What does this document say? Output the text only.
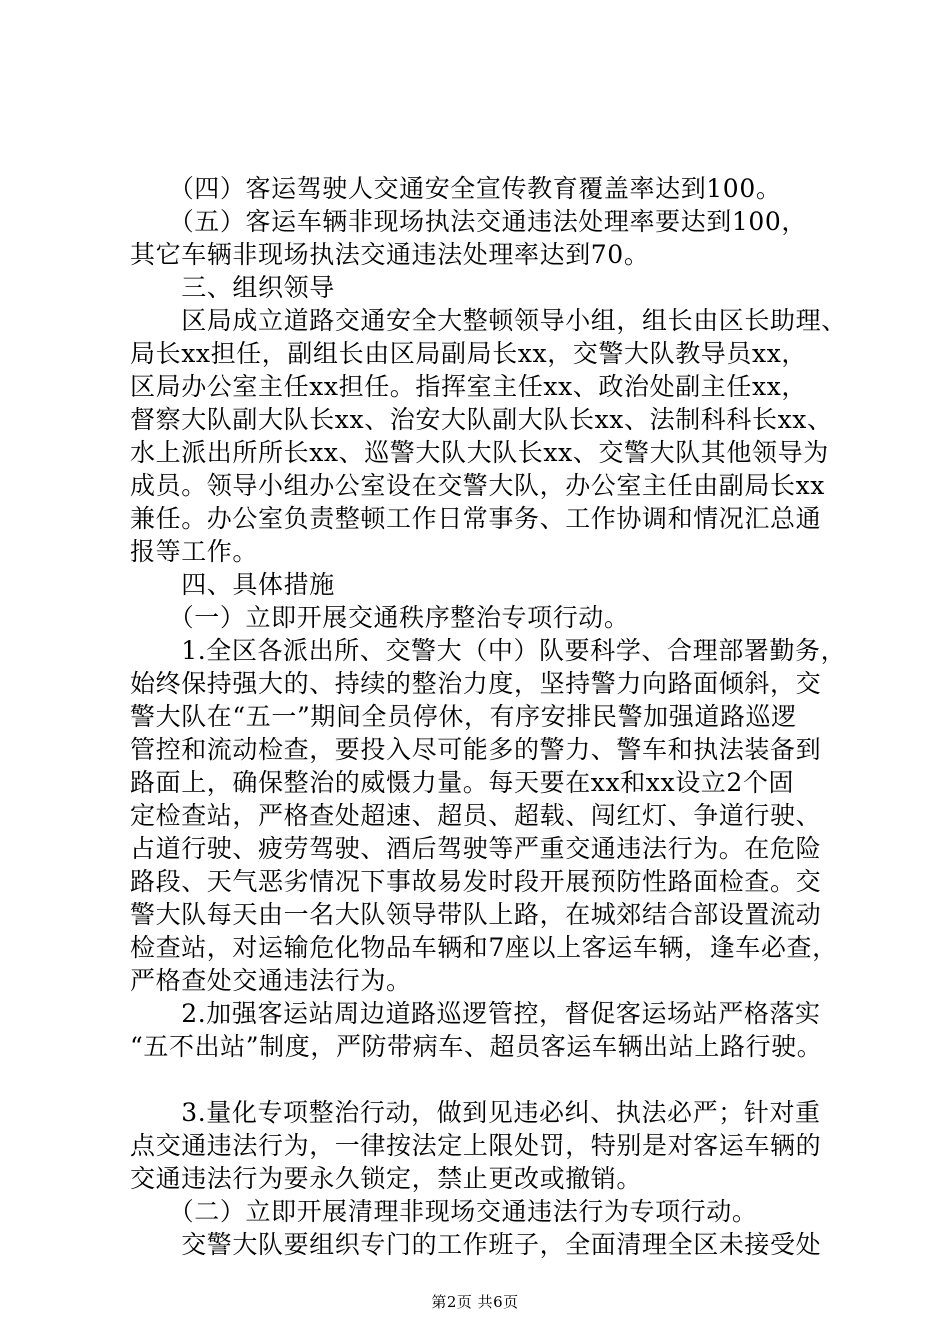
　　（四）客运驾驶人交通安全宣传教育覆盖率达到100。
　　（五）客运车辆非现场执法交通违法处理率要达到100，
其它车辆非现场执法交通违法处理率达到70。
　　三、组织领导
　　区局成立道路交通安全大整顿领导小组，组长由区长助理、
局长xx担任，副组长由区局副局长xx，交警大队教导员xx，
区局办公室主任xx担任。指挥室主任xx、政治处副主任xx，
督察大队副大队长xx、治安大队副大队长xx、法制科科长xx、
水上派出所所长xx、巡警大队大队长xx、交警大队其他领导为
成员。领导小组办公室设在交警大队，办公室主任由副局长xx
兼任。办公室负责整顿工作日常事务、工作协调和情况汇总通
报等工作。
　　四、具体措施
　　（一）立即开展交通秩序整治专项行动。
　　1.全区各派出所、交警大（中）队要科学、合理部署勤务，
始终保持强大的、持续的整治力度，坚持警力向路面倾斜，交
警大队在“五一”期间全员停休，有序安排民警加强道路巡逻
管控和流动检查，要投入尽可能多的警力、警车和执法装备到
路面上，确保整治的威慑力量。每天要在xx和xx设立2个固
定检查站，严格查处超速、超员、超载、闯红灯、争道行驶、
占道行驶、疲劳驾驶、酒后驾驶等严重交通违法行为。在危险
路段、天气恶劣情况下事故易发时段开展预防性路面检查。交
警大队每天由一名大队领导带队上路，在城郊结合部设置流动
检查站，对运输危化物品车辆和7座以上客运车辆，逢车必查，
严格查处交通违法行为。
　　2.加强客运站周边道路巡逻管控，督促客运场站严格落实
“五不出站”制度，严防带病车、超员客运车辆出站上路行驶。
　　3.量化专项整治行动，做到见违必纠、执法必严；针对重
点交通违法行为，一律按法定上限处罚，特别是对客运车辆的
交通违法行为要永久锁定，禁止更改或撤销。
　　（二）立即开展清理非现场交通违法行为专项行动。
　　交警大队要组织专门的工作班子，全面清理全区未接受处
第2页 共6页
